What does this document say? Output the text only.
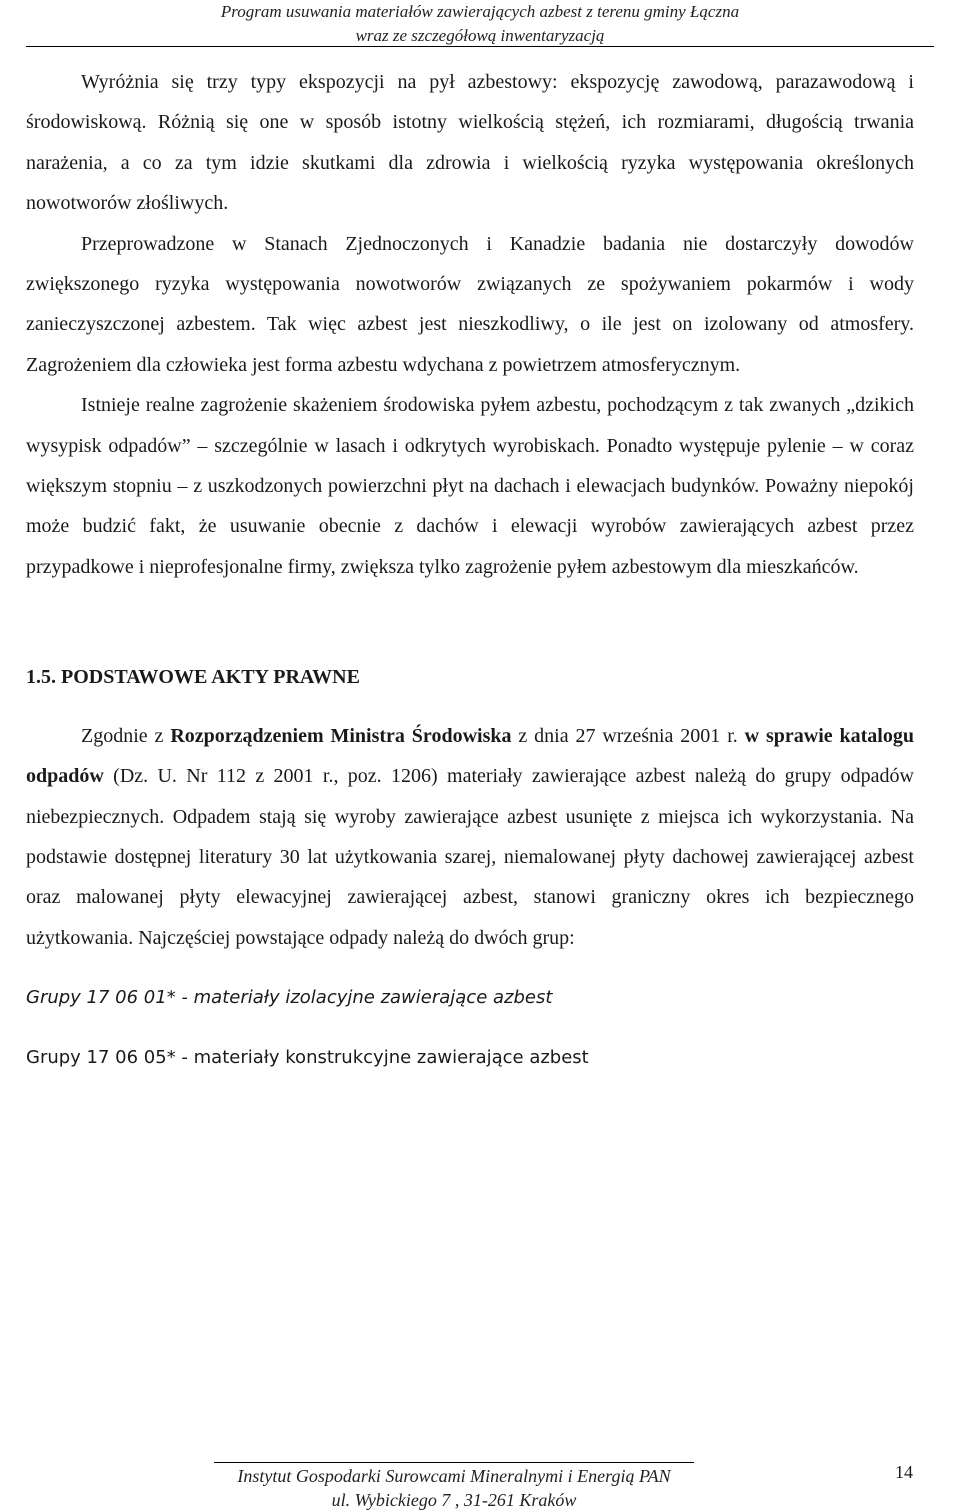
Program usuwania materiałów zawierających azbest z terenu gminy Łączna
wraz ze szczegółową inwentaryzacją

Wyróżnia się trzy typy ekspozycji na pył azbestowy: ekspozycję zawodową, parazawodową i środowiskową. Różnią się one w sposób istotny wielkością stężeń, ich rozmiarami, długością trwania narażenia, a co za tym idzie skutkami dla zdrowia i wielkością ryzyka występowania określonych nowotworów złośliwych.

Przeprowadzone w Stanach Zjednoczonych i Kanadzie badania nie dostarczyły dowodów zwiększonego ryzyka występowania nowotworów związanych ze spożywaniem pokarmów i wody zanieczyszczonej azbestem. Tak więc azbest jest nieszkodliwy, o ile jest on izolowany od atmosfery. Zagrożeniem dla człowieka jest forma azbestu wdychana z powietrzem atmosferycznym.

Istnieje realne zagrożenie skażeniem środowiska pyłem azbestu, pochodzącym z tak zwanych „dzikich wysypisk odpadów” – szczególnie w lasach i odkrytych wyrobiskach. Ponadto występuje pylenie – w coraz większym stopniu – z uszkodzonych powierzchni płyt na dachach i elewacjach budynków. Poważny niepokój może budzić fakt, że usuwanie obecnie z dachów i elewacji wyrobów zawierających azbest przez przypadkowe i nieprofesjonalne firmy, zwiększa tylko zagrożenie pyłem azbestowym dla mieszkańców.

1.5. PODSTAWOWE AKTY PRAWNE

Zgodnie z Rozporządzeniem Ministra Środowiska z dnia 27 września 2001 r. w sprawie katalogu odpadów (Dz. U. Nr 112 z 2001 r., poz. 1206) materiały zawierające azbest należą do grupy odpadów niebezpiecznych. Odpadem stają się wyroby zawierające azbest usunięte z miejsca ich wykorzystania. Na podstawie dostępnej literatury 30 lat użytkowania szarej, niemalowanej płyty dachowej zawierającej azbest oraz malowanej płyty elewacyjnej zawierającej azbest, stanowi graniczny okres ich bezpiecznego użytkowania. Najczęściej powstające odpady należą do dwóch grup:

Grupy 17 06 01* - materiały izolacyjne zawierające azbest

Grupy 17 06 05* - materiały konstrukcyjne zawierające azbest

Instytut Gospodarki Surowcami Mineralnymi i Energią PAN
ul. Wybickiego 7 , 31-261 Kraków
14
